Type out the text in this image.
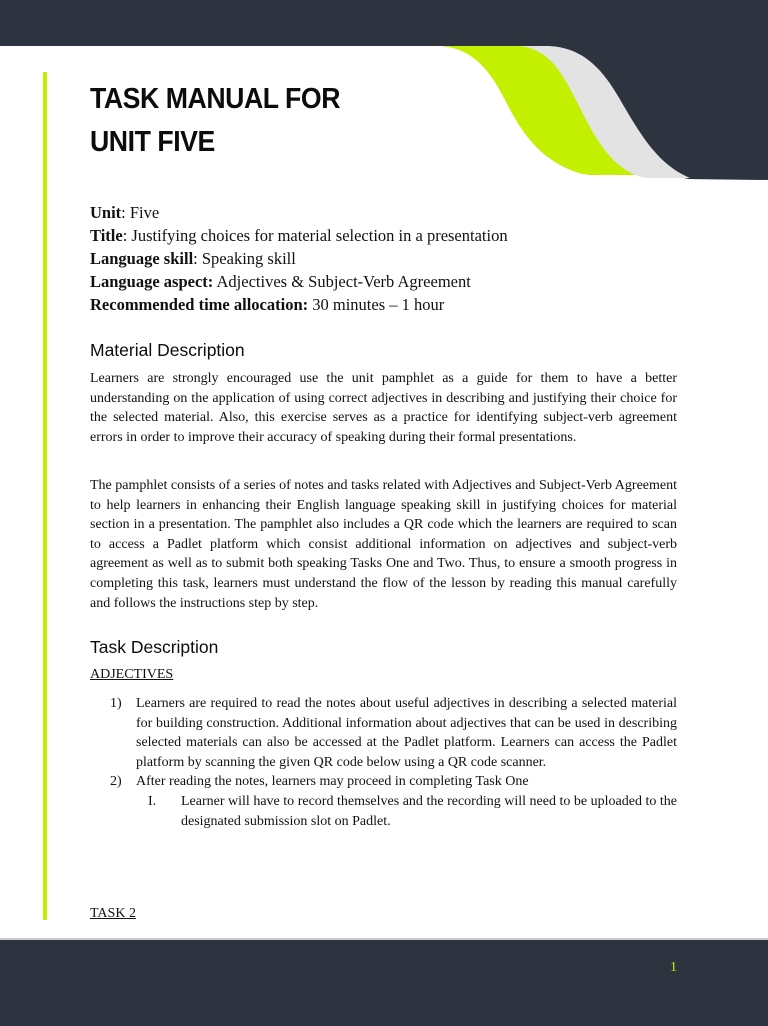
TASK MANUAL FOR
UNIT FIVE
Unit: Five
Title: Justifying choices for material selection in a presentation
Language skill: Speaking skill
Language aspect: Adjectives & Subject-Verb Agreement
Recommended time allocation: 30 minutes – 1 hour
Material Description

Learners are strongly encouraged use the unit pamphlet as a guide for them to have a better understanding on the application of using correct adjectives in describing and justifying their choice for the selected material. Also, this exercise serves as a practice for identifying subject-verb agreement errors in order to improve their accuracy of speaking during their formal presentations.

The pamphlet consists of a series of notes and tasks related with Adjectives and Subject-Verb Agreement to help learners in enhancing their English language speaking skill in justifying choices for material section in a presentation. The pamphlet also includes a QR code which the learners are required to scan to access a Padlet platform which consist additional information on adjectives and subject-verb agreement as well as to submit both speaking Tasks One and Two. Thus, to ensure a smooth progress in completing this task, learners must understand the flow of the lesson by reading this manual carefully and follows the instructions step by step.

Task Description
ADJECTIVES
1) Learners are required to read the notes about useful adjectives in describing a selected material for building construction. Additional information about adjectives that can be used in describing selected materials can also be accessed at the Padlet platform. Learners can access the Padlet platform by scanning the given QR code below using a QR code scanner.
2) After reading the notes, learners may proceed in completing Task One
I. Learner will have to record themselves and the recording will need to be uploaded to the designated submission slot on Padlet.
TASK 2
1
